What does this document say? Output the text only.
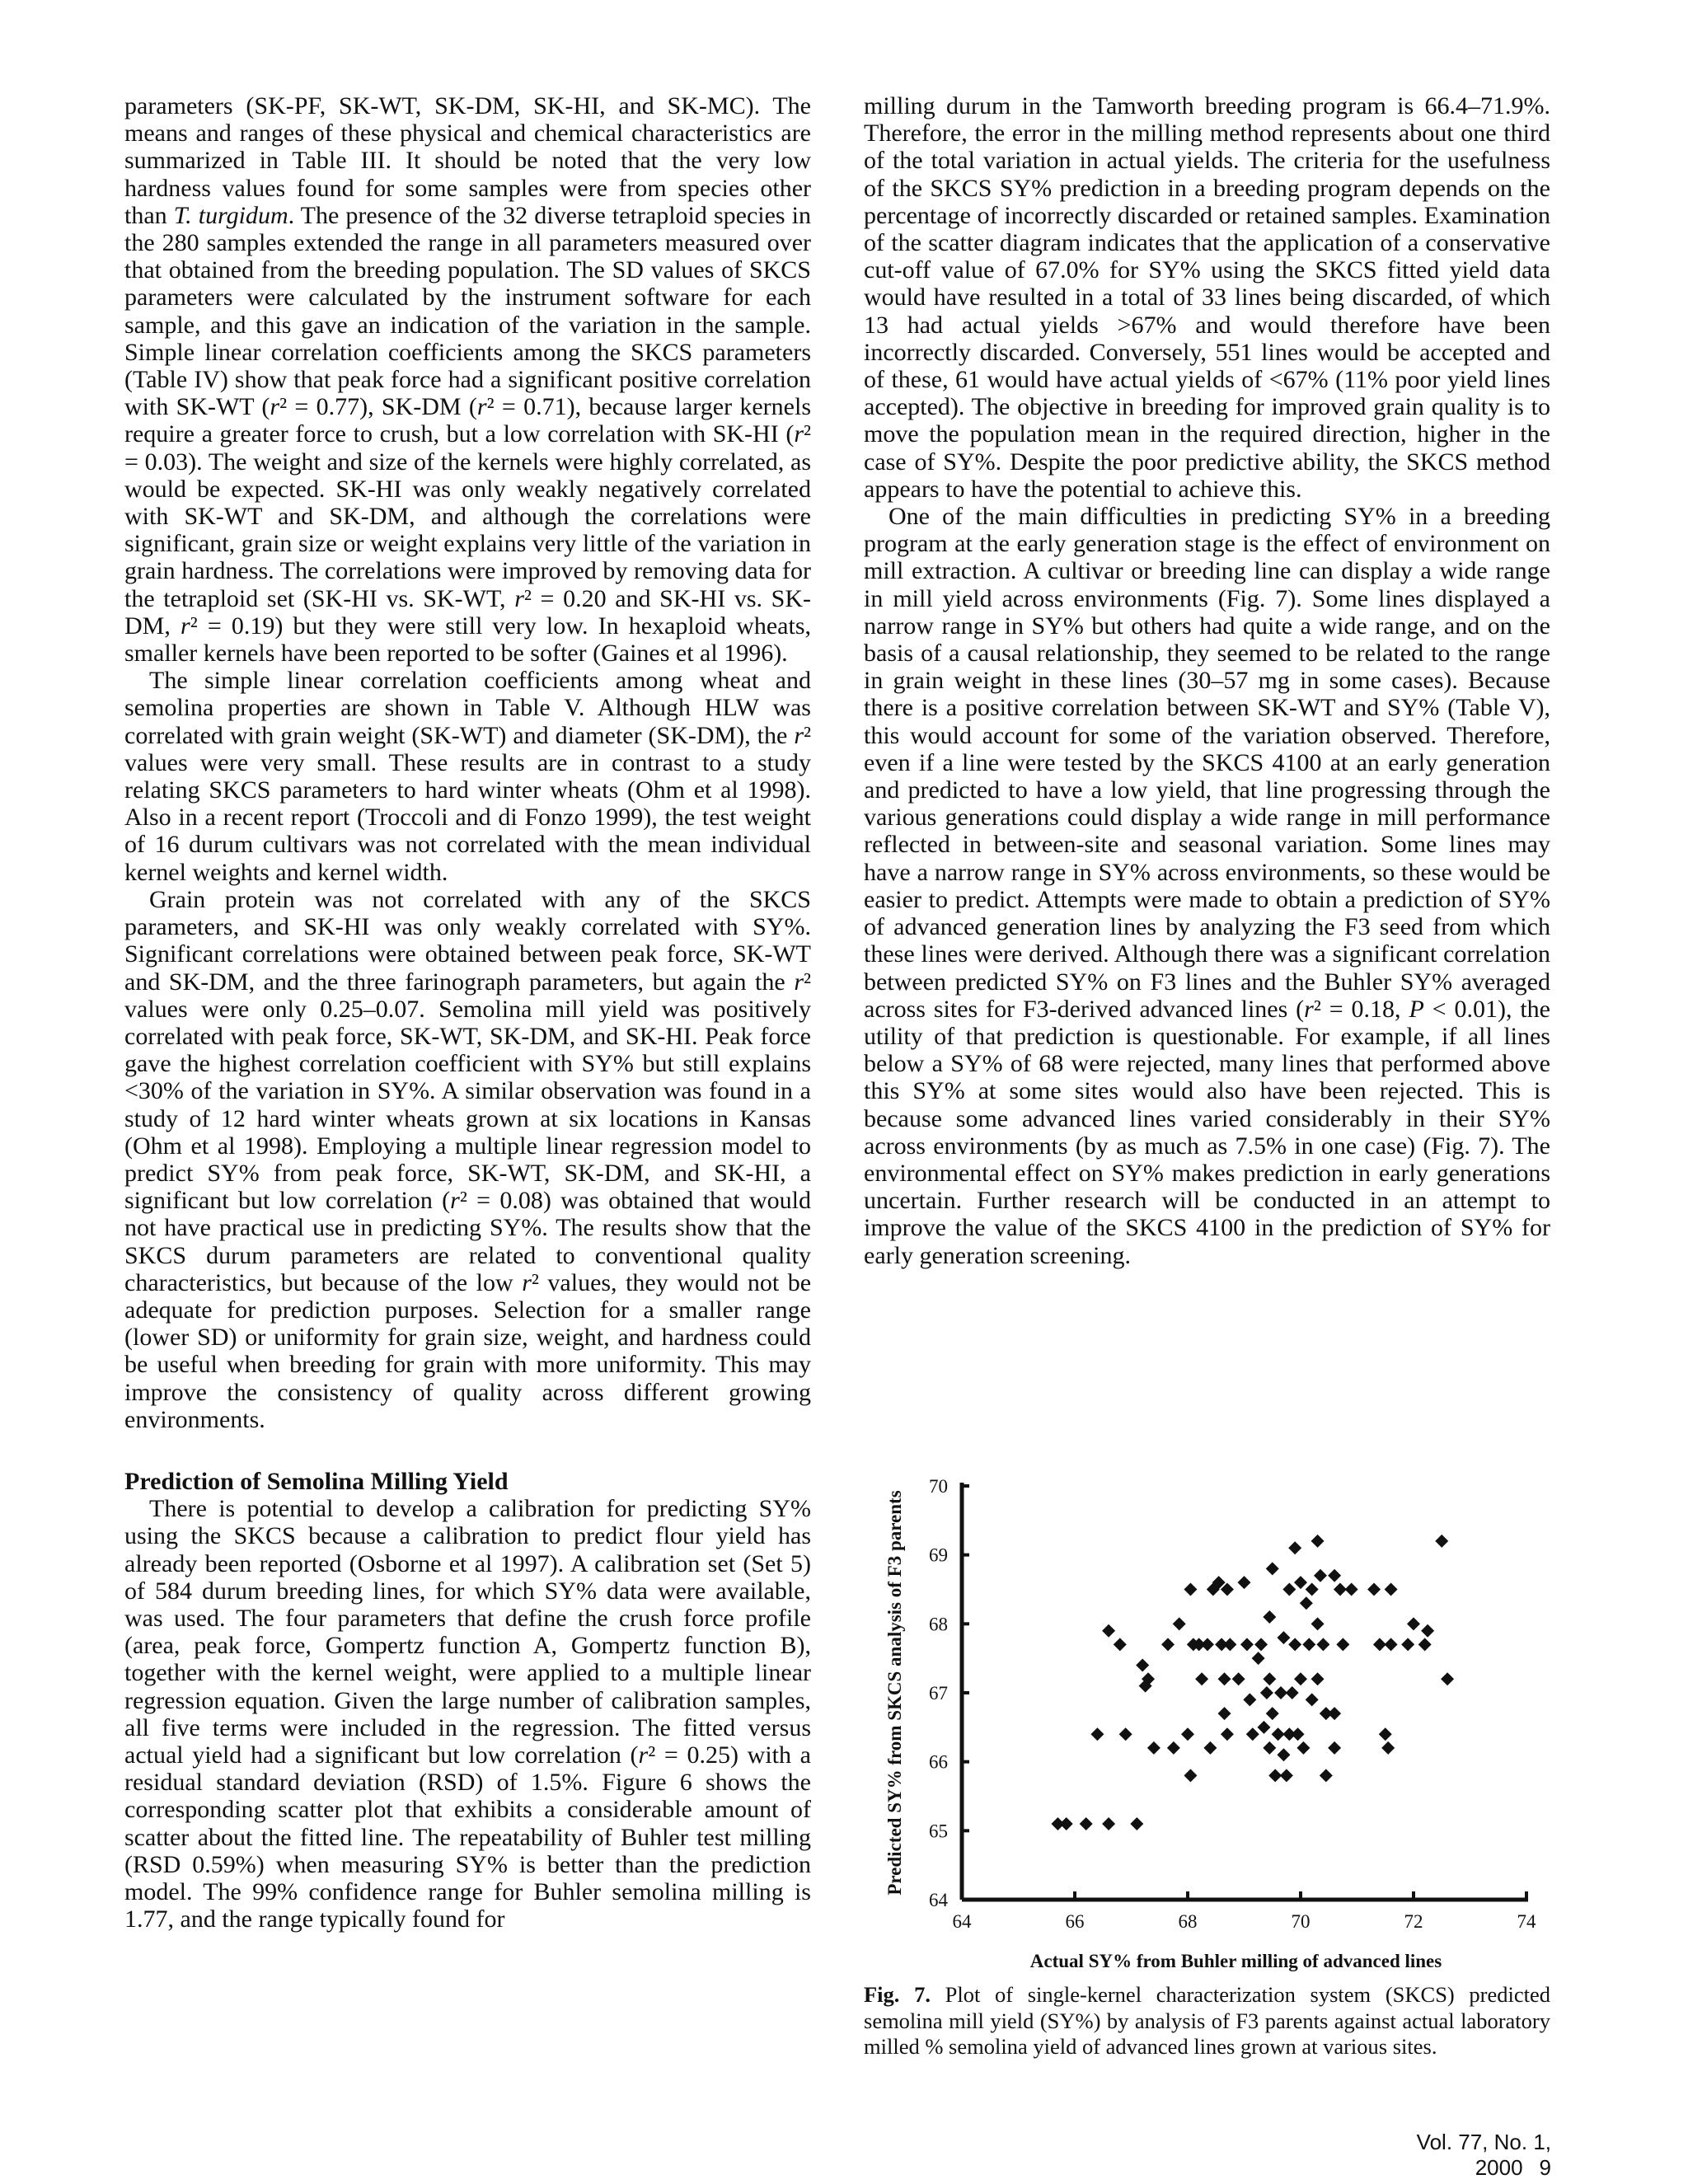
parameters (SK-PF, SK-WT, SK-DM, SK-HI, and SK-MC). The means and ranges of these physical and chemical characteristics are summarized in Table III. It should be noted that the very low hardness values found for some samples were from species other than T. turgidum. The presence of the 32 diverse tetraploid species in the 280 samples extended the range in all parameters measured over that obtained from the breeding population. The SD values of SKCS parameters were calculated by the instrument software for each sample, and this gave an indication of the variation in the sample. Simple linear correlation coefficients among the SKCS parameters (Table IV) show that peak force had a significant positive correlation with SK-WT (r² = 0.77), SK-DM (r² = 0.71), because larger kernels require a greater force to crush, but a low correlation with SK-HI (r² = 0.03). The weight and size of the kernels were highly correlated, as would be expected. SK-HI was only weakly negatively correlated with SK-WT and SK-DM, and although the correlations were significant, grain size or weight explains very little of the variation in grain hardness. The correlations were improved by removing data for the tetraploid set (SK-HI vs. SK-WT, r² = 0.20 and SK-HI vs. SK-DM, r² = 0.19) but they were still very low. In hexaploid wheats, smaller kernels have been reported to be softer (Gaines et al 1996).

The simple linear correlation coefficients among wheat and semolina properties are shown in Table V. Although HLW was correlated with grain weight (SK-WT) and diameter (SK-DM), the r² values were very small. These results are in contrast to a study relating SKCS parameters to hard winter wheats (Ohm et al 1998). Also in a recent report (Troccoli and di Fonzo 1999), the test weight of 16 durum cultivars was not correlated with the mean individual kernel weights and kernel width.

Grain protein was not correlated with any of the SKCS parameters, and SK-HI was only weakly correlated with SY%. Significant correlations were obtained between peak force, SK-WT and SK-DM, and the three farinograph parameters, but again the r² values were only 0.25–0.07. Semolina mill yield was positively correlated with peak force, SK-WT, SK-DM, and SK-HI. Peak force gave the highest correlation coefficient with SY% but still explains <30% of the variation in SY%. A similar observation was found in a study of 12 hard winter wheats grown at six locations in Kansas (Ohm et al 1998). Employing a multiple linear regression model to predict SY% from peak force, SK-WT, SK-DM, and SK-HI, a significant but low correlation (r² = 0.08) was obtained that would not have practical use in predicting SY%. The results show that the SKCS durum parameters are related to conventional quality characteristics, but because of the low r² values, they would not be adequate for prediction purposes. Selection for a smaller range (lower SD) or uniformity for grain size, weight, and hardness could be useful when breeding for grain with more uniformity. This may improve the consistency of quality across different growing environments.

Prediction of Semolina Milling Yield

There is potential to develop a calibration for predicting SY% using the SKCS because a calibration to predict flour yield has already been reported (Osborne et al 1997). A calibration set (Set 5) of 584 durum breeding lines, for which SY% data were available, was used. The four parameters that define the crush force profile (area, peak force, Gompertz function A, Gompertz function B), together with the kernel weight, were applied to a multiple linear regression equation. Given the large number of calibration samples, all five terms were included in the regression. The fitted versus actual yield had a significant but low correlation (r² = 0.25) with a residual standard deviation (RSD) of 1.5%. Figure 6 shows the corresponding scatter plot that exhibits a considerable amount of scatter about the fitted line. The repeatability of Buhler test milling (RSD 0.59%) when measuring SY% is better than the prediction model. The 99% confidence range for Buhler semolina milling is 1.77, and the range typically found for

milling durum in the Tamworth breeding program is 66.4–71.9%. Therefore, the error in the milling method represents about one third of the total variation in actual yields. The criteria for the usefulness of the SKCS SY% prediction in a breeding program depends on the percentage of incorrectly discarded or retained samples. Examination of the scatter diagram indicates that the application of a conservative cut-off value of 67.0% for SY% using the SKCS fitted yield data would have resulted in a total of 33 lines being discarded, of which 13 had actual yields >67% and would therefore have been incorrectly discarded. Conversely, 551 lines would be accepted and of these, 61 would have actual yields of <67% (11% poor yield lines accepted). The objective in breeding for improved grain quality is to move the population mean in the required direction, higher in the case of SY%. Despite the poor predictive ability, the SKCS method appears to have the potential to achieve this.

One of the main difficulties in predicting SY% in a breeding program at the early generation stage is the effect of environment on mill extraction. A cultivar or breeding line can display a wide range in mill yield across environments (Fig. 7). Some lines displayed a narrow range in SY% but others had quite a wide range, and on the basis of a causal relationship, they seemed to be related to the range in grain weight in these lines (30–57 mg in some cases). Because there is a positive correlation between SK-WT and SY% (Table V), this would account for some of the variation observed. Therefore, even if a line were tested by the SKCS 4100 at an early generation and predicted to have a low yield, that line progressing through the various generations could display a wide range in mill performance reflected in between-site and seasonal variation. Some lines may have a narrow range in SY% across environments, so these would be easier to predict. Attempts were made to obtain a prediction of SY% of advanced generation lines by analyzing the F3 seed from which these lines were derived. Although there was a significant correlation between predicted SY% on F3 lines and the Buhler SY% averaged across sites for F3-derived advanced lines (r² = 0.18, P < 0.01), the utility of that prediction is questionable. For example, if all lines below a SY% of 68 were rejected, many lines that performed above this SY% at some sites would also have been rejected. This is because some advanced lines varied considerably in their SY% across environments (by as much as 7.5% in one case) (Fig. 7). The environmental effect on SY% makes prediction in early generations uncertain. Further research will be conducted in an attempt to improve the value of the SKCS 4100 in the prediction of SY% for early generation screening.

64
65
66
67
68
69
70
64	66	68	70	72	74
Predicted SY% from SKCS analysis of F3 parents
Actual SY% from Buhler milling of advanced lines
Fig. 7. Plot of single-kernel characterization system (SKCS) predicted semolina mill yield (SY%) by analysis of F3 parents against actual laboratory milled % semolina yield of advanced lines grown at various sites.
Vol. 77, No. 1, 2000 9
